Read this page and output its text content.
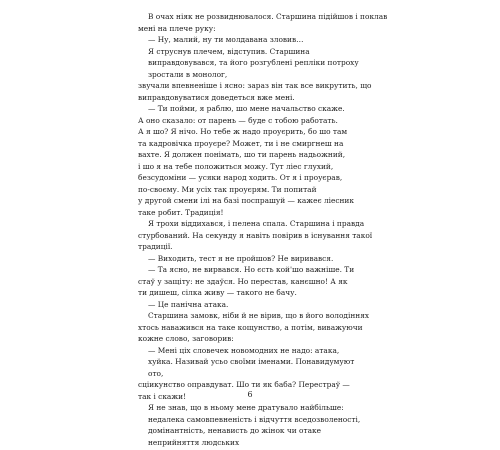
В очах ніяк не розвиднювалося. Старшина підійшов і поклав
мені на плече руку:
— Ну, малий, ну ти молдавана зловив…
Я струснув плечем, відступив. Старшина виправдовувався, та його розгублені репліки потроху зростали в монолог,
звучали впевненіше і ясно: зараз він так все викрутить, що
виправдовуватися доведеться вже мені.
— Ти пойми, я раблю, шо мене начальство скаже.
А оно сказало: от парень — буде с тобою работать.
А я шо? Я нічо. Но тебе ж надо проуєрить, бо шо там
та кадровічка проуєре? Может, ти і не смиргнеш на
вахте. Я должен понімать, шо ти парень надьожний,
і шо я на тебе положиться можу. Тут ліес глухий,
безсудоміни — усяки народ ходить. От я і проуєрав,
по-своєму. Ми усіх так проуєрям. Ти попитай
у другой смени ілі на базі поспрашуй — кажеє ліесник таке робит. Традиція!
Я трохи віддихався, і пелена спала. Старшина і правда
стурбований. На секунду я навіть повірив в існування такої
традиції.
— Виходить, тест я не пройшов? Не виривався.
— Та ясно, не вирвався. Но єсть кой'шо важніше. Ти
стаў у защіту: не здаўся. Но перестав, канєшно! А як
ти дишеш, сілка живу — такого не бачу.
— Це панічна атака.
Старшина замовк, ніби й не вірив, що в його володіннях
хтось наважився на таке кощунство, а потім, виважуючи
кожне слово, заговорив:
— Мені ціх словечек новомодних не надо: атака, хуйка. Називай усьо своїми іменами. Понавидумуют ото,
сціикунство оправдуват. Шо ти як баба? Перестраў —
так і скажи!
Я не знав, що в ньому мене дратувало найбільше: недалека самовпевненість і відчуття вседозволеності, домінантність, ненависть до жінок чи отаке неприйняття людських
6
